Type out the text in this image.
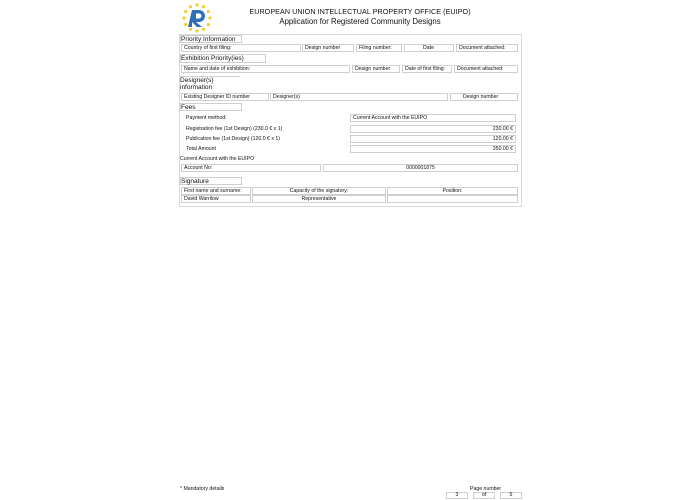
EUROPEAN UNION INTELLECTUAL PROPERTY OFFICE (EUIPO)
Application for Registered Community Designs
Priority Information
Country of first filing:	Design number	Filing number:	Date	Document attached:
Exhibition Priority(ies)
Name and date of exhibition:	Design number	Date of first filing:	Document attached:
Designer(s)
information
Existing Designer ID number	Designer(s)	Design number
Fees
Payment method:	Current Account with the EUIPO
Registration fee (1st Design) (230.0 € x 1)	230.00 €
Publication fee (1st Design) (120.0 € x 1)	120.00 €
Total Amount	350.00 €
Current Account with the EUIPO
Account No:	0000001875
Signature
First name and surname:	Capacity of the signatory:	Position:
David Warrilow	Representative
* Mandatory details	Page number
3	of	5
